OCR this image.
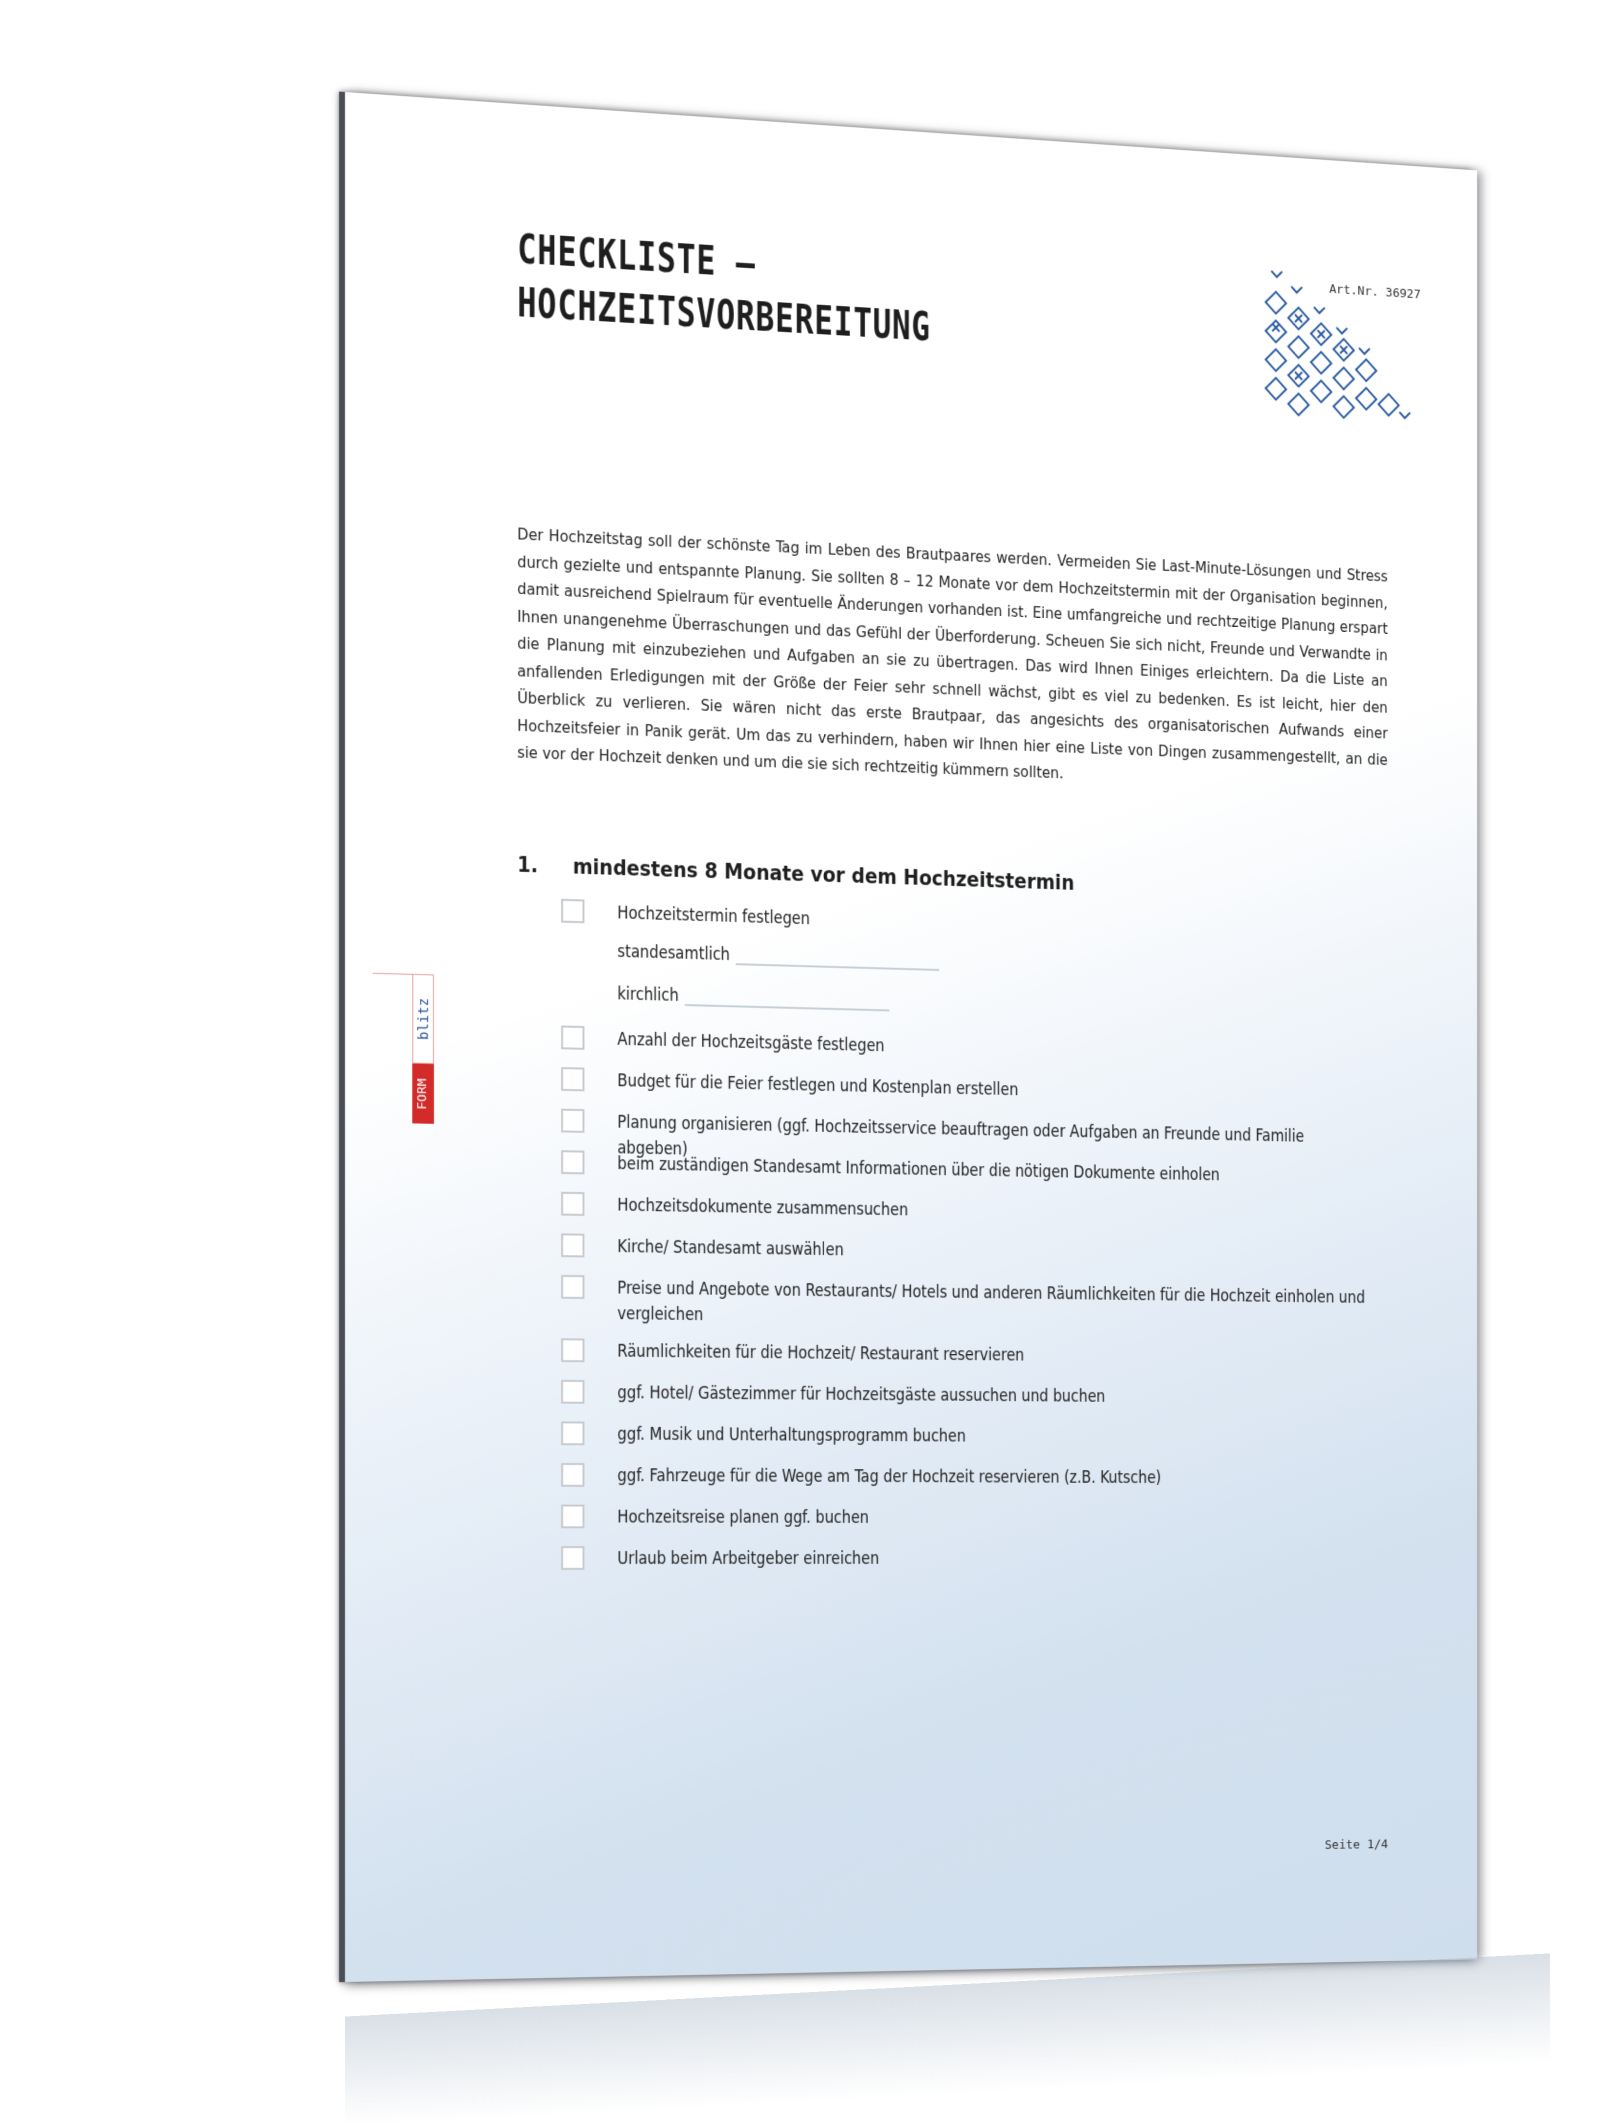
CHECKLISTE –
HOCHZEITSVORBEREITUNG	Art.Nr. 36927
Der Hochzeitstag soll der schönste Tag im Leben des Brautpaares werden. Vermeiden Sie Last-Minute-Lösungen und Stress durch gezielte und entspannte Planung. Sie sollten 8 – 12 Monate vor dem Hochzeitstermin mit der Organisation beginnen, damit ausreichend Spielraum für eventuelle Änderungen vorhanden ist. Eine umfangreiche und rechtzeitige Planung erspart Ihnen unangenehme Überraschungen und das Gefühl der Überforderung. Scheuen Sie sich nicht, Freunde und Verwandte in die Planung mit einzubeziehen und Aufgaben an sie zu übertragen. Das wird Ihnen Einiges erleichtern. Da die Liste an anfallenden Erledigungen mit der Größe der Feier sehr schnell wächst, gibt es viel zu bedenken. Es ist leicht, hier den Überblick zu verlieren. Sie wären nicht das erste Brautpaar, das angesichts des organisatorischen Aufwands einer Hochzeitsfeier in Panik gerät. Um das zu verhindern, haben wir Ihnen hier eine Liste von Dingen zusammengestellt, an die sie vor der Hochzeit denken und um die sie sich rechtzeitig kümmern sollten.
1. mindestens 8 Monate vor dem Hochzeitstermin
Hochzeitstermin festlegen
standesamtlich
kirchlich
Anzahl der Hochzeitsgäste festlegen
Budget für die Feier festlegen und Kostenplan erstellen
Planung organisieren (ggf. Hochzeitsservice beauftragen oder Aufgaben an Freunde und Familie abgeben)
beim zuständigen Standesamt Informationen über die nötigen Dokumente einholen
Hochzeitsdokumente zusammensuchen
Kirche/ Standesamt auswählen
Preise und Angebote von Restaurants/ Hotels und anderen Räumlichkeiten für die Hochzeit einholen und vergleichen
Räumlichkeiten für die Hochzeit/ Restaurant reservieren
ggf. Hotel/ Gästezimmer für Hochzeitsgäste aussuchen und buchen
ggf. Musik und Unterhaltungsprogramm buchen
ggf. Fahrzeuge für die Wege am Tag der Hochzeit reservieren (z.B. Kutsche)
Hochzeitsreise planen ggf. buchen
Urlaub beim Arbeitgeber einreichen
blitz
FORM
Seite 1/4
